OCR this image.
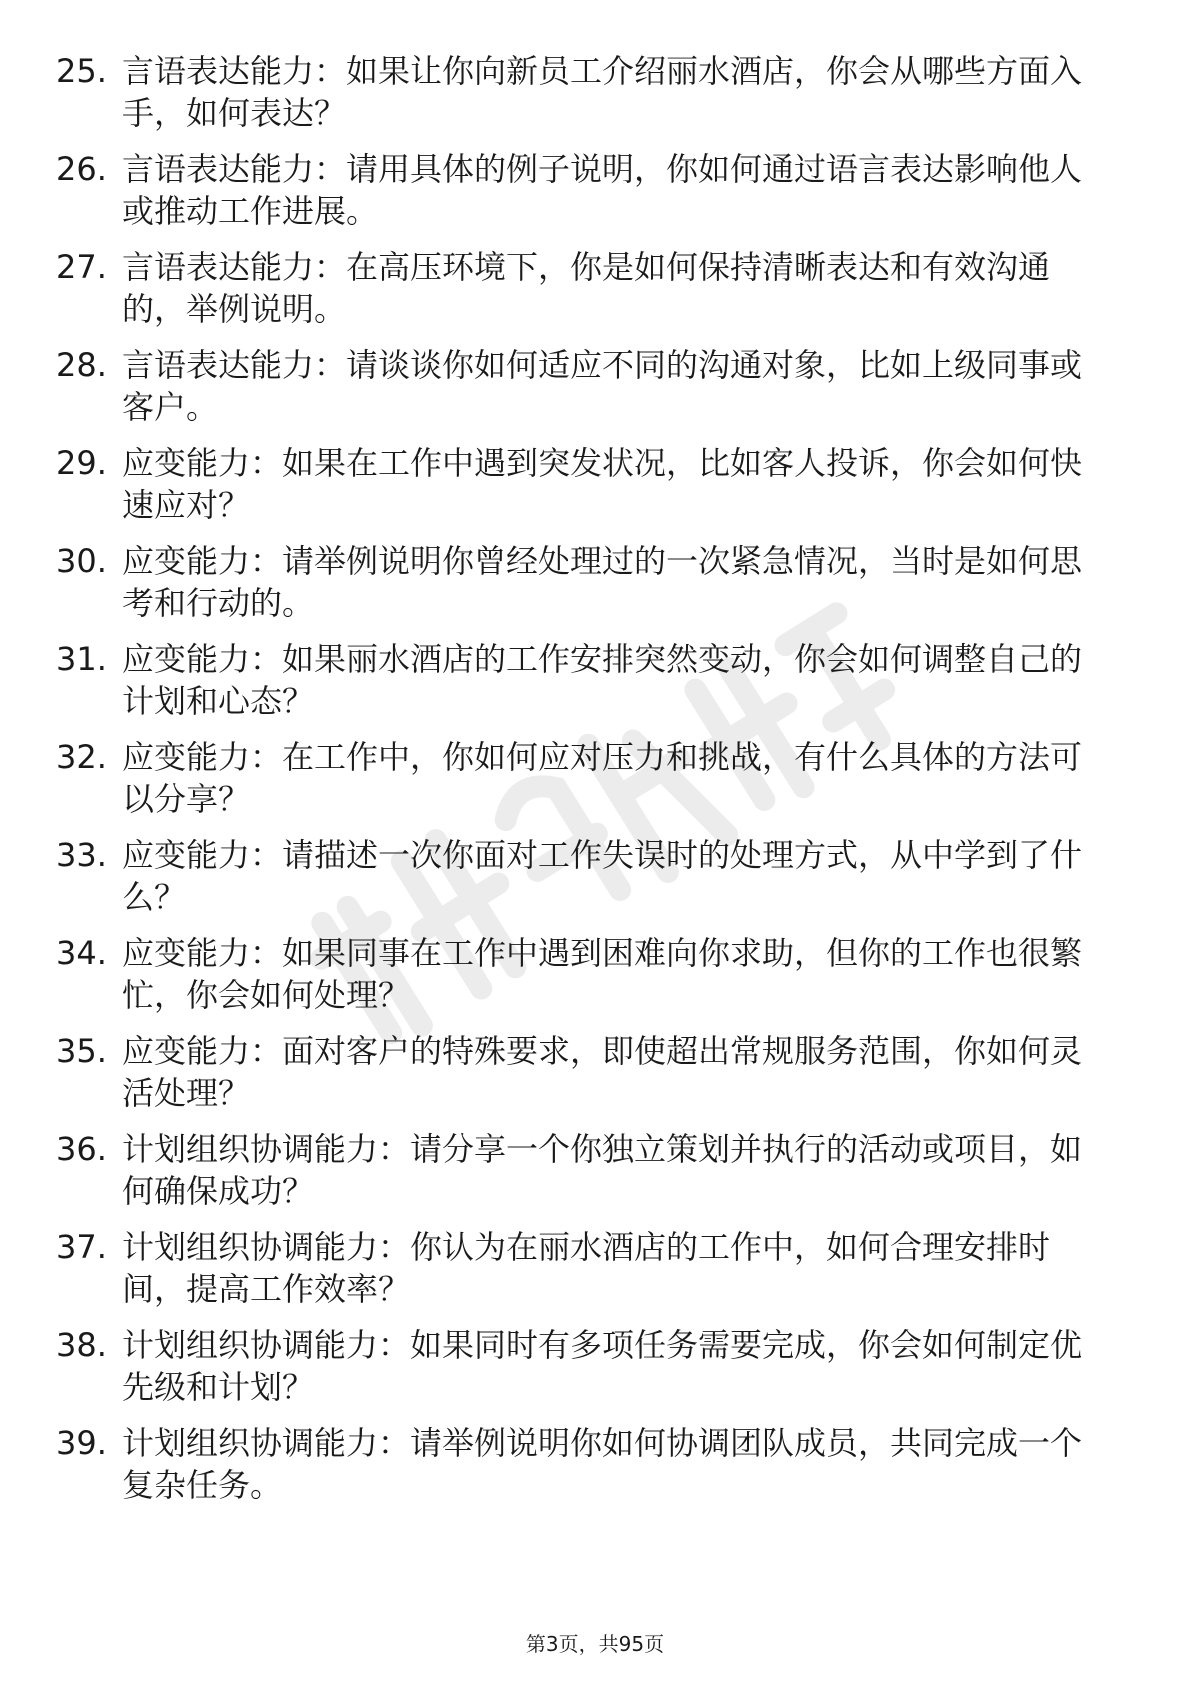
25. 言语表达能力：如果让你向新员工介绍丽水酒店，你会从哪些方面入手，如何表达？
26. 言语表达能力：请用具体的例子说明，你如何通过语言表达影响他人或推动工作进展。
27. 言语表达能力：在高压环境下，你是如何保持清晰表达和有效沟通的，举例说明。
28. 言语表达能力：请谈谈你如何适应不同的沟通对象，比如上级同事或客户。
29. 应变能力：如果在工作中遇到突发状况，比如客人投诉，你会如何快速应对？
30. 应变能力：请举例说明你曾经处理过的一次紧急情况，当时是如何思考和行动的。
31. 应变能力：如果丽水酒店的工作安排突然变动，你会如何调整自己的计划和心态？
32. 应变能力：在工作中，你如何应对压力和挑战，有什么具体的方法可以分享？
33. 应变能力：请描述一次你面对工作失误时的处理方式，从中学到了什么？
34. 应变能力：如果同事在工作中遇到困难向你求助，但你的工作也很繁忙，你会如何处理？
35. 应变能力：面对客户的特殊要求，即使超出常规服务范围，你如何灵活处理？
36. 计划组织协调能力：请分享一个你独立策划并执行的活动或项目，如何确保成功？
37. 计划组织协调能力：你认为在丽水酒店的工作中，如何合理安排时间，提高工作效率？
38. 计划组织协调能力：如果同时有多项任务需要完成，你会如何制定优先级和计划？
39. 计划组织协调能力：请举例说明你如何协调团队成员，共同完成一个复杂任务。
第3页，共95页
